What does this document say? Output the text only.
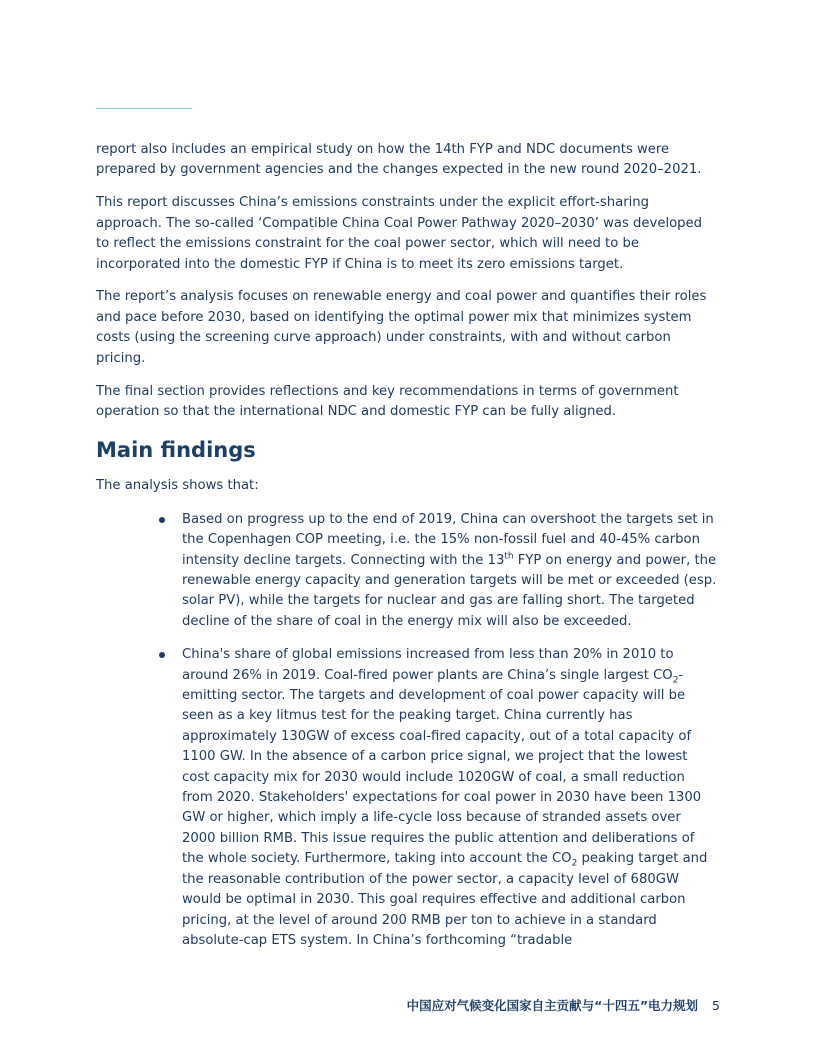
report also includes an empirical study on how the 14th FYP and NDC documents were prepared by government agencies and the changes expected in the new round 2020–2021.

This report discusses China’s emissions constraints under the explicit effort-sharing approach. The so-called ‘Compatible China Coal Power Pathway 2020–2030’ was developed to reflect the emissions constraint for the coal power sector, which will need to be incorporated into the domestic FYP if China is to meet its zero emissions target.

The report’s analysis focuses on renewable energy and coal power and quantifies their roles and pace before 2030, based on identifying the optimal power mix that minimizes system costs (using the screening curve approach) under constraints, with and without carbon pricing.

The final section provides reflections and key recommendations in terms of government operation so that the international NDC and domestic FYP can be fully aligned.

Main findings

The analysis shows that:

Based on progress up to the end of 2019, China can overshoot the targets set in the Copenhagen COP meeting, i.e. the 15% non-fossil fuel and 40-45% carbon intensity decline targets. Connecting with the 13th FYP on energy and power, the renewable energy capacity and generation targets will be met or exceeded (esp. solar PV), while the targets for nuclear and gas are falling short. The targeted decline of the share of coal in the energy mix will also be exceeded.
China's share of global emissions increased from less than 20% in 2010 to around 26% in 2019. Coal-fired power plants are China’s single largest $CO_2$-emitting sector. The targets and development of coal power capacity will be seen as a key litmus test for the peaking target. China currently has approximately 130GW of excess coal-fired capacity, out of a total capacity of 1100 GW. In the absence of a carbon price signal, we project that the lowest cost capacity mix for 2030 would include 1020GW of coal, a small reduction from 2020. Stakeholders' expectations for coal power in 2030 have been 1300 GW or higher, which imply a life-cycle loss because of stranded assets over 2000 billion RMB. This issue requires the public attention and deliberations of the whole society. Furthermore, taking into account the $CO_2$ peaking target and the reasonable contribution of the power sector, a capacity level of 680GW would be optimal in 2030. This goal requires effective and additional carbon pricing, at the level of around 200 RMB per ton to achieve in a standard absolute-cap ETS system. In China’s forthcoming “tradable
中国应对气候变化国家自主贡献与“十四五”电力规划 5
